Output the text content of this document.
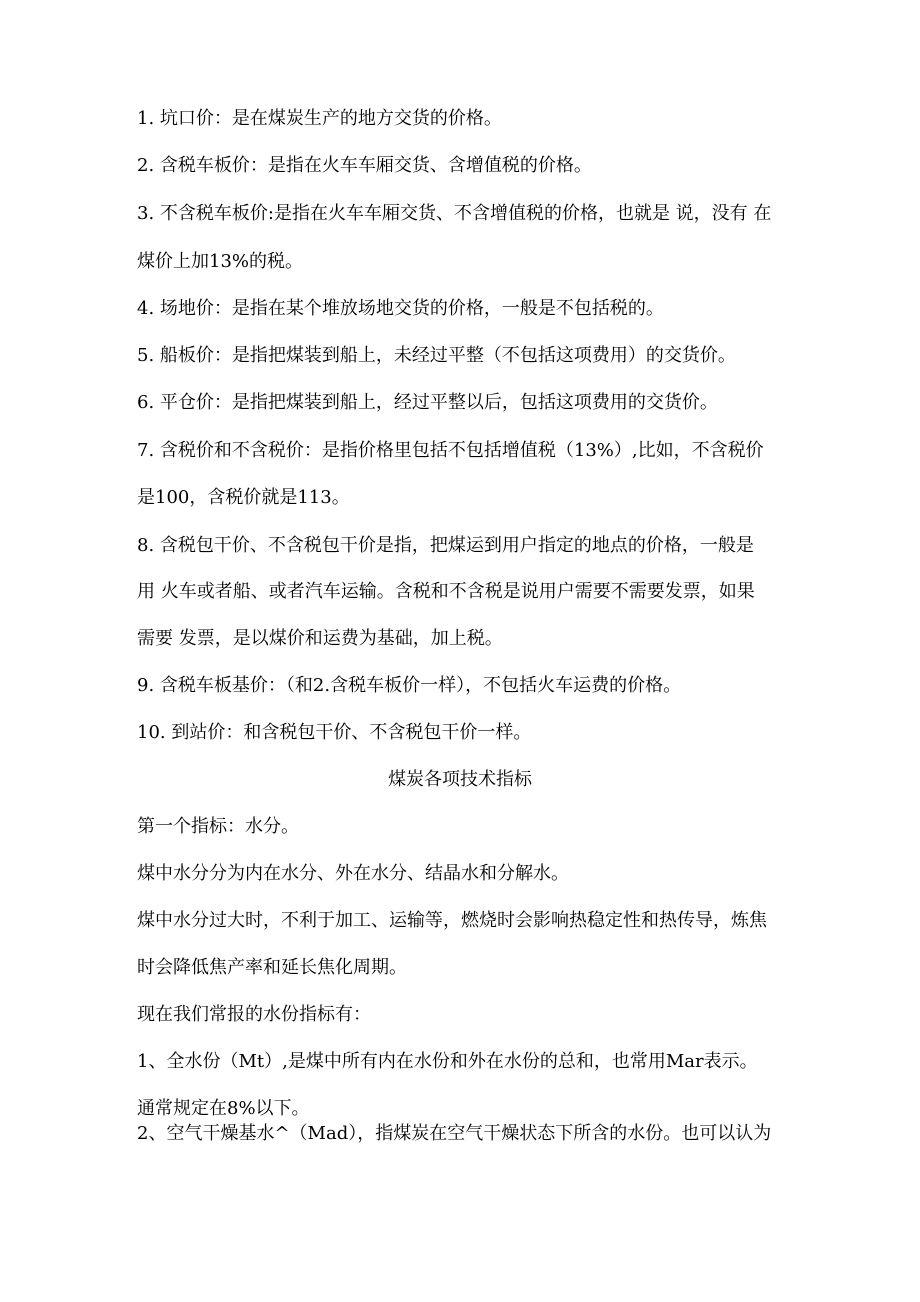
1. 坑口价：是在煤炭生产的地方交货的价格。
2. 含税车板价：是指在火车车厢交货、含增值税的价格。
3. 不含税车板价:是指在火车车厢交货、不含增值税的价格，也就是 说，没有 在
煤价上加13%的税。
4. 场地价：是指在某个堆放场地交货的价格，一般是不包括税的。
5. 船板价：是指把煤装到船上，未经过平整（不包括这项费用）的交货价。
6. 平仓价：是指把煤装到船上，经过平整以后，包括这项费用的交货价。
7. 含税价和不含税价：是指价格里包括不包括增值税（13%）,比如，不含税价
是100，含税价就是113。
8. 含税包干价、不含税包干价是指，把煤运到用户指定的地点的价格，一般是
用 火车或者船、或者汽车运输。含税和不含税是说用户需要不需要发票，如果
需要 发票，是以煤价和运费为基础，加上税。
9. 含税车板基价：（和2.含税车板价一样），不包括火车运费的价格。
10. 到站价：和含税包干价、不含税包干价一样。
煤炭各项技术指标
第一个指标：水分。
煤中水分分为内在水分、外在水分、结晶水和分解水。
煤中水分过大时，不利于加工、运输等，燃烧时会影响热稳定性和热传导，炼焦
时会降低焦产率和延长焦化周期。
现在我们常报的水份指标有：
1、全水份（Mt）,是煤中所有内在水份和外在水份的总和，也常用Mar表示。
通常规定在8%以下。
2、空气干燥基水^（Mad），指煤炭在空气干燥状态下所含的水份。也可以认为
